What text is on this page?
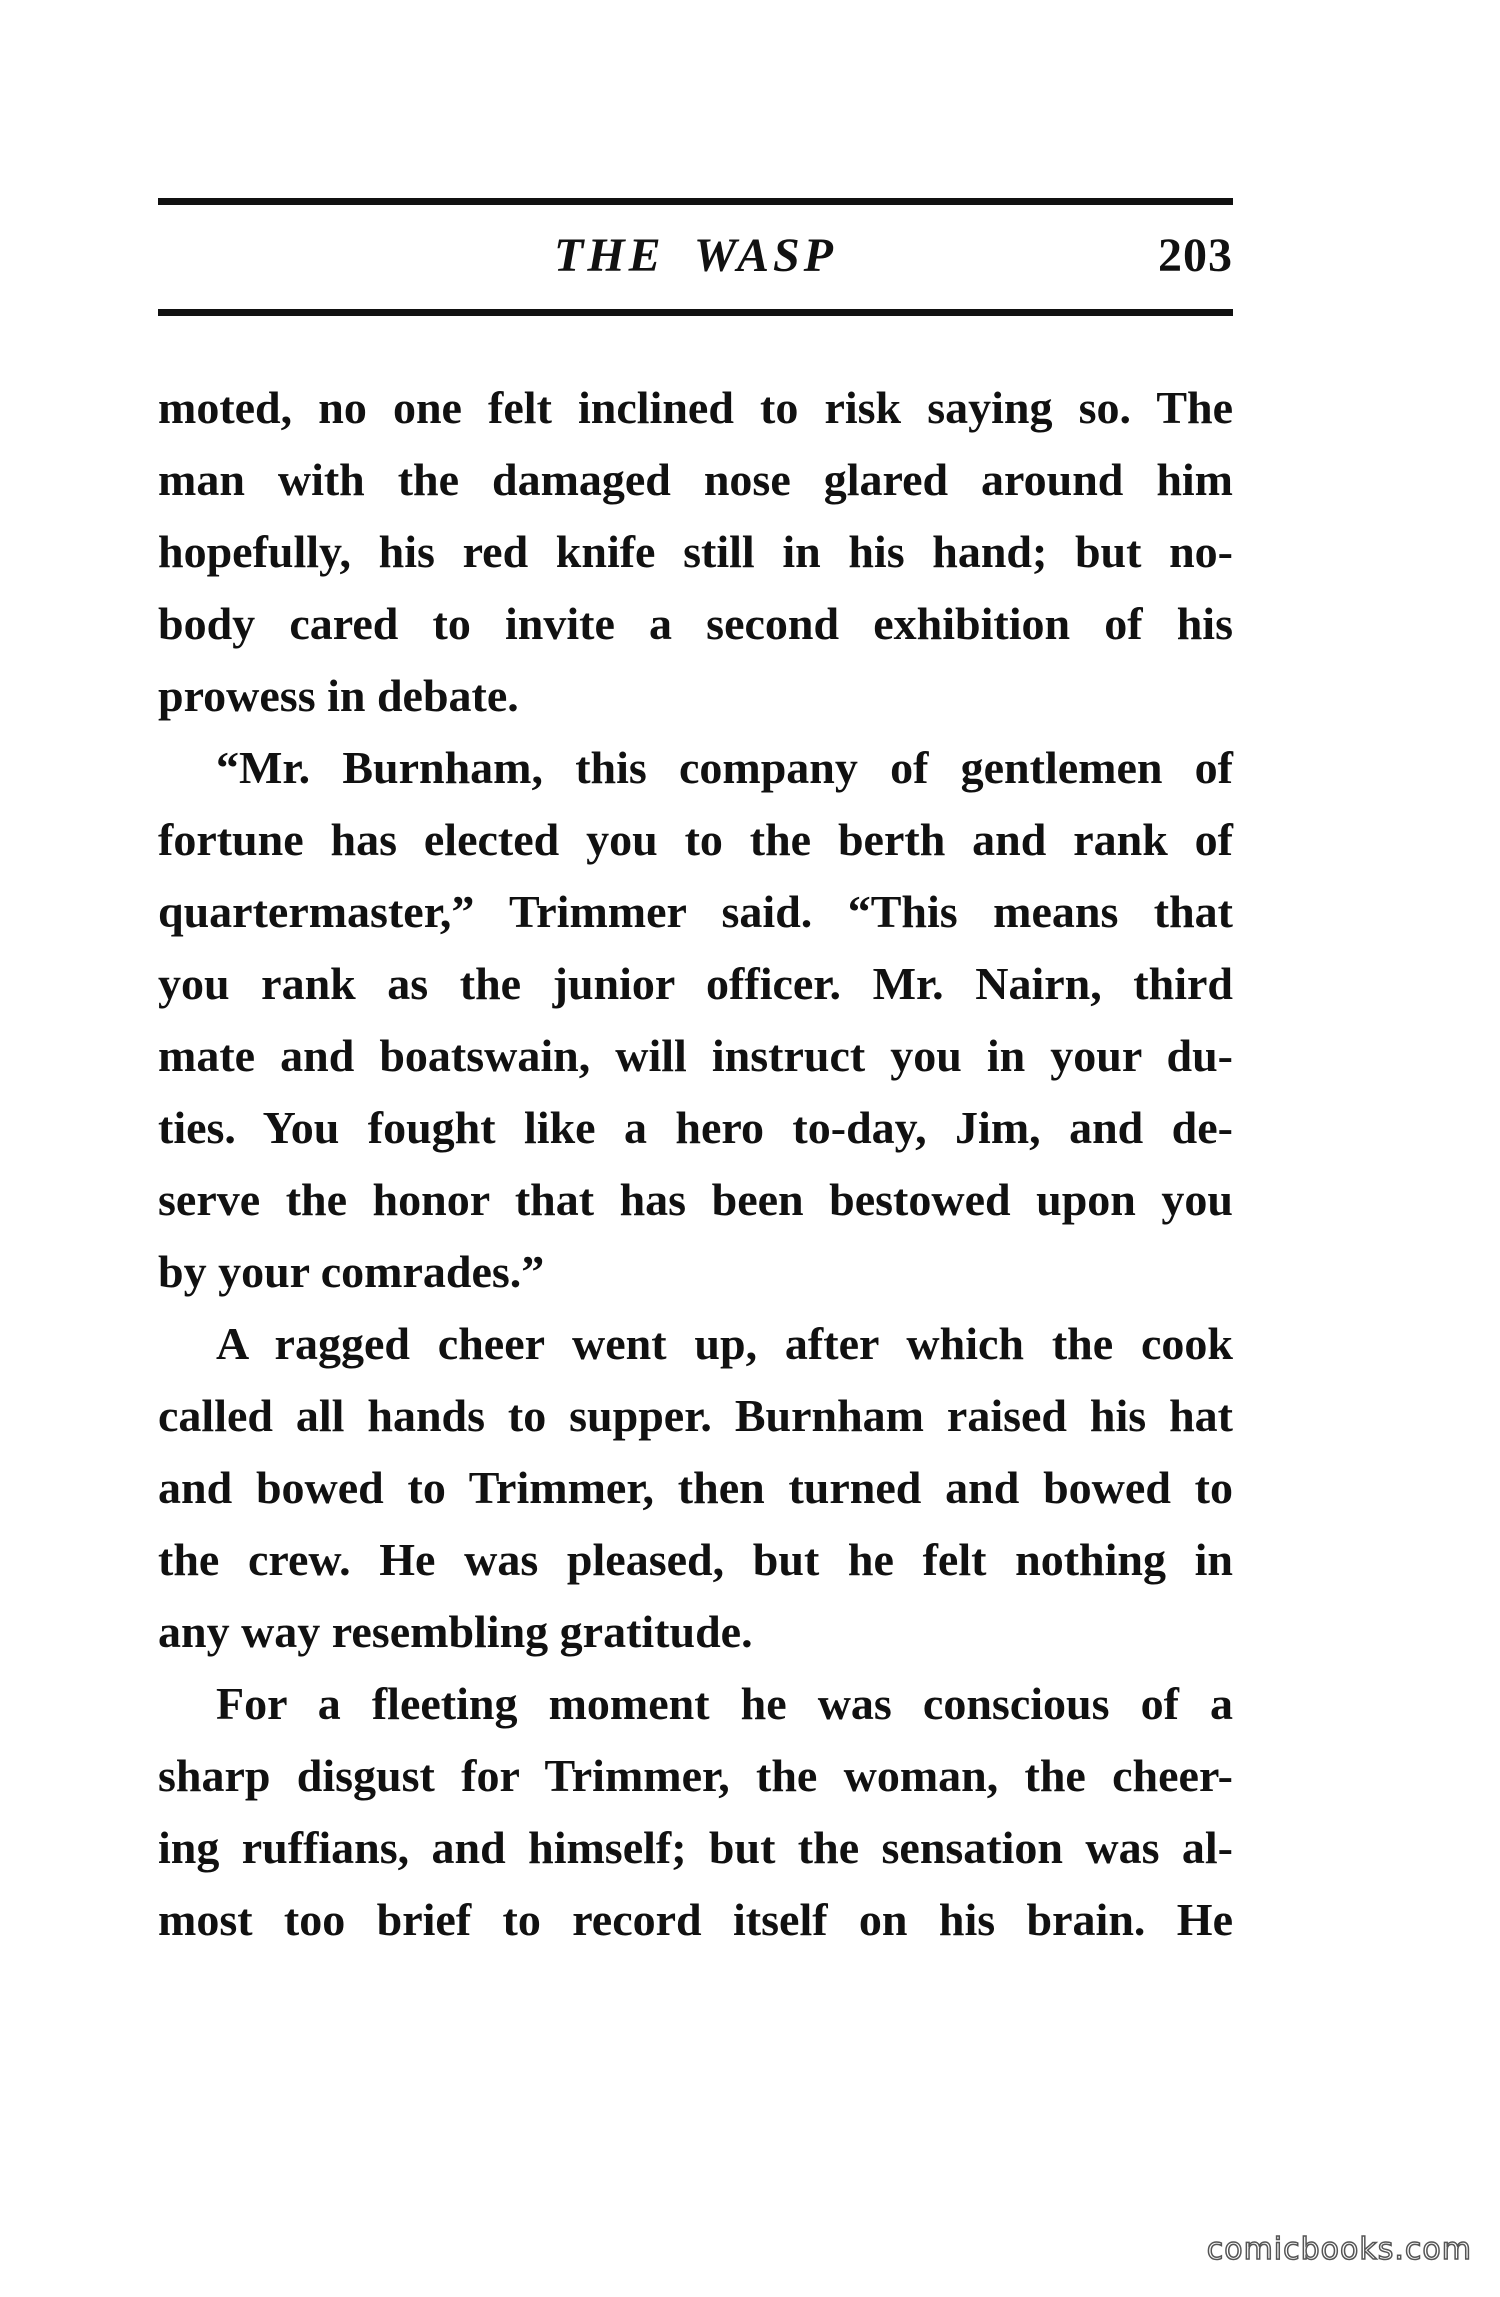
THE WASP	203
moted, no one felt inclined to risk saying so. The
man with the damaged nose glared around him
hopefully, his red knife still in his hand; but no-
body cared to invite a second exhibition of his
prowess in debate.
“Mr. Burnham, this company of gentlemen of
fortune has elected you to the berth and rank of
quartermaster,” Trimmer said. “This means that
you rank as the junior officer. Mr. Nairn, third
mate and boatswain, will instruct you in your du-
ties. You fought like a hero to-day, Jim, and de-
serve the honor that has been bestowed upon you
by your comrades.”
A ragged cheer went up, after which the cook
called all hands to supper. Burnham raised his hat
and bowed to Trimmer, then turned and bowed to
the crew. He was pleased, but he felt nothing in
any way resembling gratitude.
For a fleeting moment he was conscious of a
sharp disgust for Trimmer, the woman, the cheer-
ing ruffians, and himself; but the sensation was al-
most too brief to record itself on his brain. He
comicbooks.com
